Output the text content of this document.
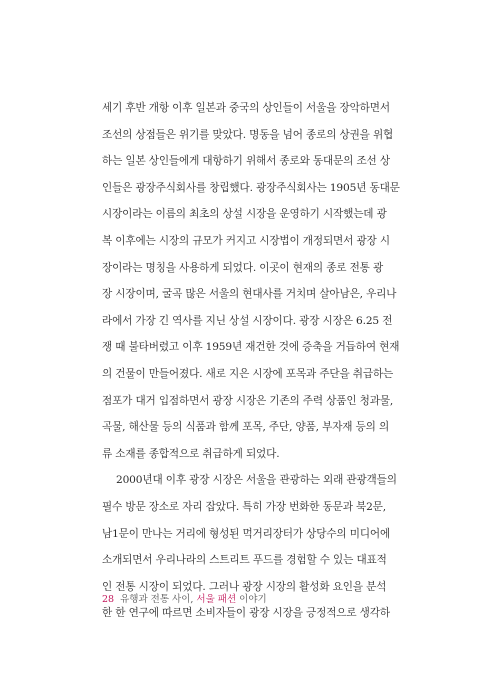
세기 후반 개항 이후 일본과 중국의 상인들이 서울을 장악하면서
조선의 상점들은 위기를 맞았다. 명동을 넘어 종로의 상권을 위협
하는 일본 상인들에게 대항하기 위해서 종로와 동대문의 조선 상
인들은 광장주식회사를 창립했다. 광장주식회사는 1905년 동대문
시장이라는 이름의 최초의 상설 시장을 운영하기 시작했는데 광
복 이후에는 시장의 규모가 커지고 시장법이 개정되면서 광장 시
장이라는 명칭을 사용하게 되었다. 이곳이 현재의 종로 전통 광
장 시장이며, 굴곡 많은 서울의 현대사를 거치며 살아남은, 우리나
라에서 가장 긴 역사를 지닌 상설 시장이다. 광장 시장은 6.25 전
쟁 때 불타버렸고 이후 1959년 재건한 것에 증축을 거듭하여 현재
의 건물이 만들어졌다. 새로 지은 시장에 포목과 주단을 취급하는
점포가 대거 입점하면서 광장 시장은 기존의 주력 상품인 청과물,
곡물, 해산물 등의 식품과 함께 포목, 주단, 양품, 부자재 등의 의
류 소재를 종합적으로 취급하게 되었다.
2000년대 이후 광장 시장은 서울을 관광하는 외래 관광객들의
필수 방문 장소로 자리 잡았다. 특히 가장 번화한 동문과 북2문,
남1문이 만나는 거리에 형성된 먹거리장터가 상당수의 미디어에
소개되면서 우리나라의 스트리트 푸드를 경험할 수 있는 대표적
인 전통 시장이 되었다. 그러나 광장 시장의 활성화 요인을 분석
한 한 연구에 따르면 소비자들이 광장 시장을 긍정적으로 생각하
28 유행과 전통 사이, 서울 패션 이야기
